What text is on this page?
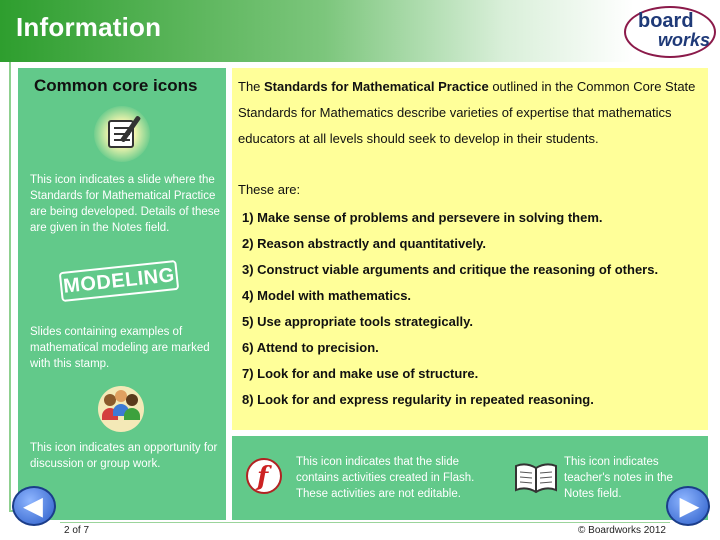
Information	board
works
Common core icons
This icon indicates a slide where the Standards for Mathematical Practice are being developed. Details of these are given in the Notes field.
MODELING
Slides containing examples of mathematical modeling are marked with this stamp.
This icon indicates an opportunity for discussion or group work.
The Standards for Mathematical Practice outlined in the Common Core State Standards for Mathematics describe varieties of expertise that mathematics educators at all levels should seek to develop in their students.
These are:
1) Make sense of problems and persevere in solving them.
2) Reason abstractly and quantitatively.
3) Construct viable arguments and critique the reasoning of others.
4) Model with mathematics.
5) Use appropriate tools strategically.
6) Attend to precision.
7) Look for and make use of structure.
8) Look for and express regularity in repeated reasoning.
f This icon indicates that the slide contains activities created in Flash. These activities are not editable.
This icon indicates teacher's notes in the Notes field.
◀	▶
2 of 7	© Boardworks 2012
